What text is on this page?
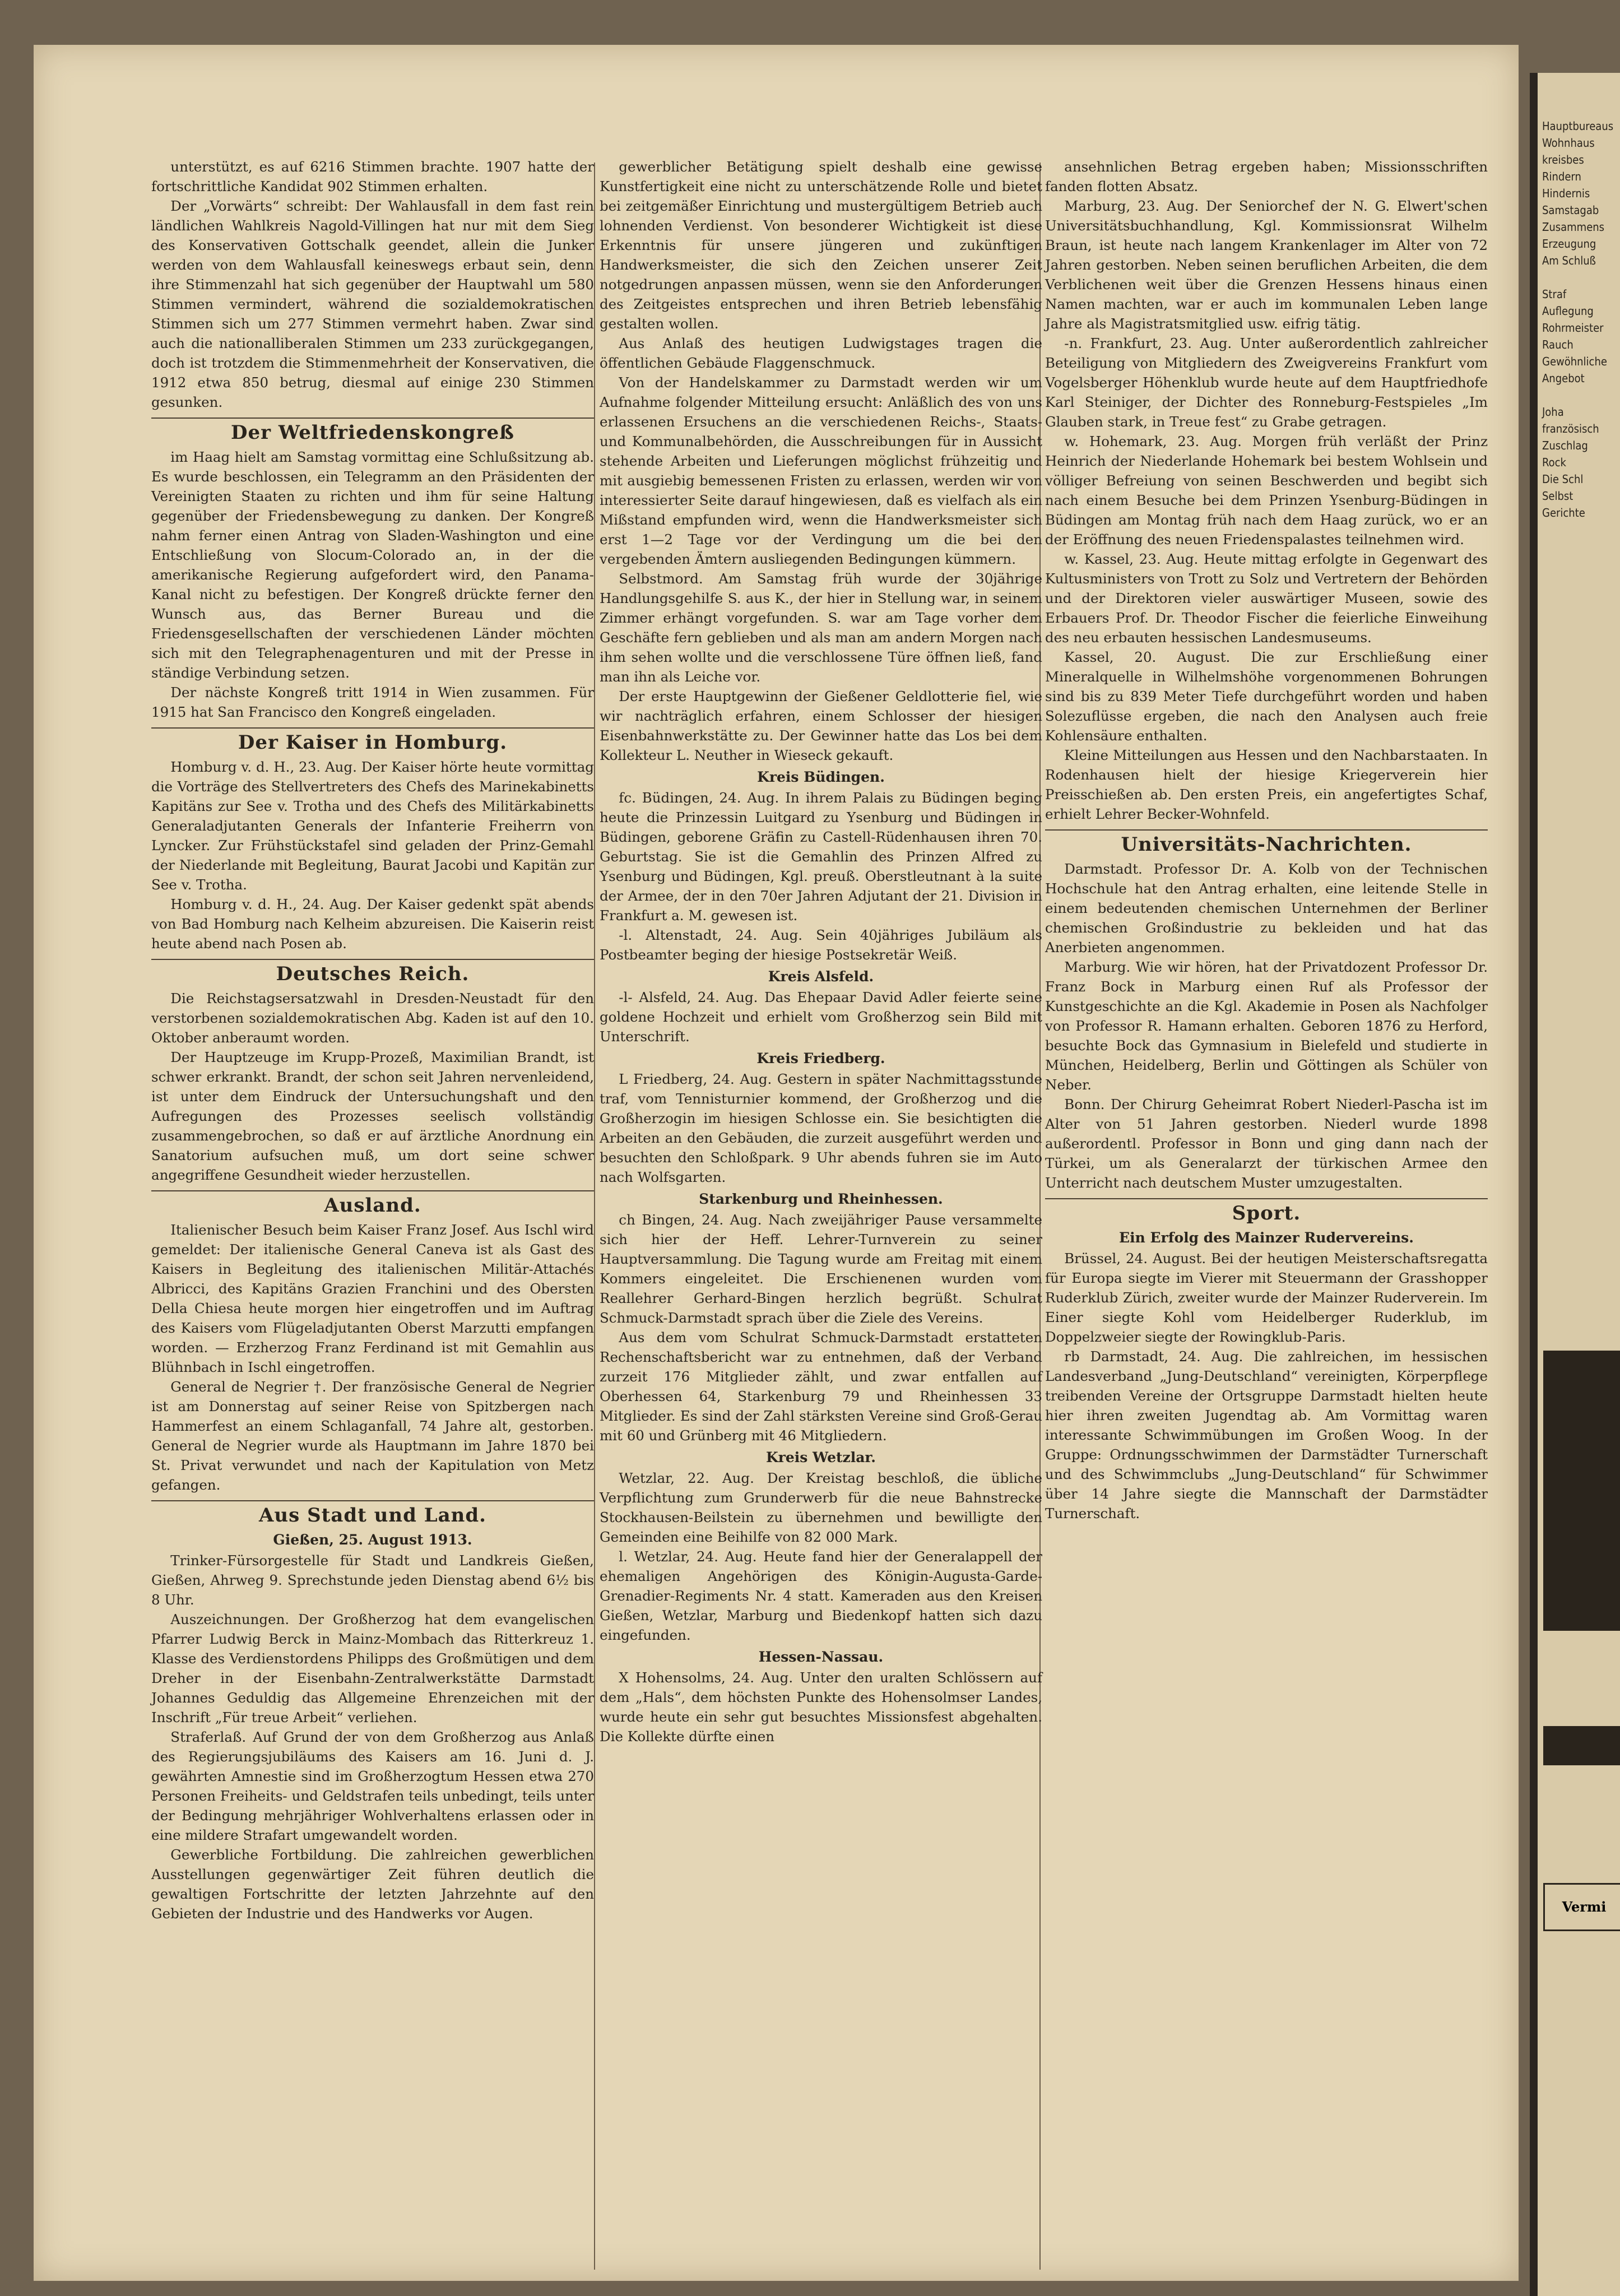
unterstützt, es auf 6216 Stimmen brachte. 1907 hatte der fortschrittliche Kandidat 902 Stimmen erhalten.

Der „Vorwärts“ schreibt: Der Wahlausfall in dem fast rein ländlichen Wahlkreis Nagold-Villingen hat nur mit dem Sieg des Konservativen Gottschalk geendet, allein die Junker werden von dem Wahlausfall keineswegs erbaut sein, denn ihre Stimmenzahl hat sich gegenüber der Hauptwahl um 580 Stimmen vermindert, während die sozialdemokratischen Stimmen sich um 277 Stimmen vermehrt haben. Zwar sind auch die nationalliberalen Stimmen um 233 zurückgegangen, doch ist trotzdem die Stimmenmehrheit der Konservativen, die 1912 etwa 850 betrug, diesmal auf einige 230 Stimmen gesunken.

Der Weltfriedenskongreß

im Haag hielt am Samstag vormittag eine Schlußsitzung ab. Es wurde beschlossen, ein Telegramm an den Präsidenten der Vereinigten Staaten zu richten und ihm für seine Haltung gegenüber der Friedensbewegung zu danken. Der Kongreß nahm ferner einen Antrag von Sladen-Washington und eine Entschließung von Slocum-Colorado an, in der die amerikanische Regierung aufgefordert wird, den Panama-Kanal nicht zu befestigen. Der Kongreß drückte ferner den Wunsch aus, das Berner Bureau und die Friedensgesellschaften der verschiedenen Länder möchten sich mit den Telegraphenagenturen und mit der Presse in ständige Verbindung setzen.

Der nächste Kongreß tritt 1914 in Wien zusammen. Für 1915 hat San Francisco den Kongreß eingeladen.

Der Kaiser in Homburg.

Homburg v. d. H., 23. Aug. Der Kaiser hörte heute vormittag die Vorträge des Stellvertreters des Chefs des Marinekabinetts Kapitäns zur See v. Trotha und des Chefs des Militärkabinetts Generaladjutanten Generals der Infanterie Freiherrn von Lyncker. Zur Frühstückstafel sind geladen der Prinz-Gemahl der Niederlande mit Begleitung, Baurat Jacobi und Kapitän zur See v. Trotha.

Homburg v. d. H., 24. Aug. Der Kaiser gedenkt spät abends von Bad Homburg nach Kelheim abzureisen. Die Kaiserin reist heute abend nach Posen ab.

Deutsches Reich.

Die Reichstagsersatzwahl in Dresden-Neustadt für den verstorbenen sozialdemokratischen Abg. Kaden ist auf den 10. Oktober anberaumt worden.

Der Hauptzeuge im Krupp-Prozeß, Maximilian Brandt, ist schwer erkrankt. Brandt, der schon seit Jahren nervenleidend, ist unter dem Eindruck der Untersuchungshaft und den Aufregungen des Prozesses seelisch vollständig zusammengebrochen, so daß er auf ärztliche Anordnung ein Sanatorium aufsuchen muß, um dort seine schwer angegriffene Gesundheit wieder herzustellen.

Ausland.

Italienischer Besuch beim Kaiser Franz Josef. Aus Ischl wird gemeldet: Der italienische General Caneva ist als Gast des Kaisers in Begleitung des italienischen Militär-Attachés Albricci, des Kapitäns Grazien Franchini und des Obersten Della Chiesa heute morgen hier eingetroffen und im Auftrag des Kaisers vom Flügeladjutanten Oberst Marzutti empfangen worden. — Erzherzog Franz Ferdinand ist mit Gemahlin aus Blühnbach in Ischl eingetroffen.

General de Negrier †. Der französische General de Negrier ist am Donnerstag auf seiner Reise von Spitzbergen nach Hammerfest an einem Schlaganfall, 74 Jahre alt, gestorben. General de Negrier wurde als Hauptmann im Jahre 1870 bei St. Privat verwundet und nach der Kapitulation von Metz gefangen.

Aus Stadt und Land.
Gießen, 25. August 1913.

Trinker-Fürsorgestelle für Stadt und Landkreis Gießen, Gießen, Ahrweg 9. Sprechstunde jeden Dienstag abend 6½ bis 8 Uhr.

Auszeichnungen. Der Großherzog hat dem evangelischen Pfarrer Ludwig Berck in Mainz-Mombach das Ritterkreuz 1. Klasse des Verdienstordens Philipps des Großmütigen und dem Dreher in der Eisenbahn-Zentralwerkstätte Darmstadt Johannes Geduldig das Allgemeine Ehrenzeichen mit der Inschrift „Für treue Arbeit“ verliehen.

Straferlaß. Auf Grund der von dem Großherzog aus Anlaß des Regierungsjubiläums des Kaisers am 16. Juni d. J. gewährten Amnestie sind im Großherzogtum Hessen etwa 270 Personen Freiheits- und Geldstrafen teils unbedingt, teils unter der Bedingung mehrjähriger Wohlverhaltens erlassen oder in eine mildere Strafart umgewandelt worden.

Gewerbliche Fortbildung. Die zahlreichen gewerblichen Ausstellungen gegenwärtiger Zeit führen deutlich die gewaltigen Fortschritte der letzten Jahrzehnte auf den Gebieten der Industrie und des Handwerks vor Augen.

gewerblicher Betätigung spielt deshalb eine gewisse Kunstfertigkeit eine nicht zu unterschätzende Rolle und bietet bei zeitgemäßer Einrichtung und mustergültigem Betrieb auch lohnenden Verdienst. Von besonderer Wichtigkeit ist diese Erkenntnis für unsere jüngeren und zukünftigen Handwerksmeister, die sich den Zeichen unserer Zeit notgedrungen anpassen müssen, wenn sie den Anforderungen des Zeitgeistes entsprechen und ihren Betrieb lebensfähig gestalten wollen.

Aus Anlaß des heutigen Ludwigstages tragen die öffentlichen Gebäude Flaggenschmuck.

Von der Handelskammer zu Darmstadt werden wir um Aufnahme folgender Mitteilung ersucht: Anläßlich des von uns erlassenen Ersuchens an die verschiedenen Reichs-, Staats- und Kommunalbehörden, die Ausschreibungen für in Aussicht stehende Arbeiten und Lieferungen möglichst frühzeitig und mit ausgiebig bemessenen Fristen zu erlassen, werden wir von interessierter Seite darauf hingewiesen, daß es vielfach als ein Mißstand empfunden wird, wenn die Handwerksmeister sich erst 1—2 Tage vor der Verdingung um die bei den vergebenden Ämtern ausliegenden Bedingungen kümmern.

Selbstmord. Am Samstag früh wurde der 30jährige Handlungsgehilfe S. aus K., der hier in Stellung war, in seinem Zimmer erhängt vorgefunden. S. war am Tage vorher dem Geschäfte fern geblieben und als man am andern Morgen nach ihm sehen wollte und die verschlossene Türe öffnen ließ, fand man ihn als Leiche vor.

Der erste Hauptgewinn der Gießener Geldlotterie fiel, wie wir nachträglich erfahren, einem Schlosser der hiesigen Eisenbahnwerkstätte zu. Der Gewinner hatte das Los bei dem Kollekteur L. Neuther in Wieseck gekauft.

Kreis Büdingen.

fc. Büdingen, 24. Aug. In ihrem Palais zu Büdingen beging heute die Prinzessin Luitgard zu Ysenburg und Büdingen in Büdingen, geborene Gräfin zu Castell-Rüdenhausen ihren 70. Geburtstag. Sie ist die Gemahlin des Prinzen Alfred zu Ysenburg und Büdingen, Kgl. preuß. Oberstleutnant à la suite der Armee, der in den 70er Jahren Adjutant der 21. Division in Frankfurt a. M. gewesen ist.

-l. Altenstadt, 24. Aug. Sein 40jähriges Jubiläum als Postbeamter beging der hiesige Postsekretär Weiß.

Kreis Alsfeld.

-l- Alsfeld, 24. Aug. Das Ehepaar David Adler feierte seine goldene Hochzeit und erhielt vom Großherzog sein Bild mit Unterschrift.

Kreis Friedberg.

L Friedberg, 24. Aug. Gestern in später Nachmittagsstunde traf, vom Tennisturnier kommend, der Großherzog und die Großherzogin im hiesigen Schlosse ein. Sie besichtigten die Arbeiten an den Gebäuden, die zurzeit ausgeführt werden und besuchten den Schloßpark. 9 Uhr abends fuhren sie im Auto nach Wolfsgarten.

Starkenburg und Rheinhessen.

ch Bingen, 24. Aug. Nach zweijähriger Pause versammelte sich hier der Heff. Lehrer-Turnverein zu seiner Hauptversammlung. Die Tagung wurde am Freitag mit einem Kommers eingeleitet. Die Erschienenen wurden vom Reallehrer Gerhard-Bingen herzlich begrüßt. Schulrat Schmuck-Darmstadt sprach über die Ziele des Vereins.

Aus dem vom Schulrat Schmuck-Darmstadt erstatteten Rechenschaftsbericht war zu entnehmen, daß der Verband zurzeit 176 Mitglieder zählt, und zwar entfallen auf Oberhessen 64, Starkenburg 79 und Rheinhessen 33 Mitglieder. Es sind der Zahl stärksten Vereine sind Groß-Gerau mit 60 und Grünberg mit 46 Mitgliedern.

Kreis Wetzlar.

Wetzlar, 22. Aug. Der Kreistag beschloß, die übliche Verpflichtung zum Grunderwerb für die neue Bahnstrecke Stockhausen-Beilstein zu übernehmen und bewilligte den Gemeinden eine Beihilfe von 82 000 Mark.

l. Wetzlar, 24. Aug. Heute fand hier der Generalappell der ehemaligen Angehörigen des Königin-Augusta-Garde-Grenadier-Regiments Nr. 4 statt. Kameraden aus den Kreisen Gießen, Wetzlar, Marburg und Biedenkopf hatten sich dazu eingefunden.

Hessen-Nassau.

X Hohensolms, 24. Aug. Unter den uralten Schlössern auf dem „Hals“, dem höchsten Punkte des Hohensolmser Landes, wurde heute ein sehr gut besuchtes Missionsfest abgehalten. Die Kollekte dürfte einen

ansehnlichen Betrag ergeben haben; Missionsschriften fanden flotten Absatz.

Marburg, 23. Aug. Der Seniorchef der N. G. Elwert'schen Universitätsbuchhandlung, Kgl. Kommissionsrat Wilhelm Braun, ist heute nach langem Krankenlager im Alter von 72 Jahren gestorben. Neben seinen beruflichen Arbeiten, die dem Verblichenen weit über die Grenzen Hessens hinaus einen Namen machten, war er auch im kommunalen Leben lange Jahre als Magistratsmitglied usw. eifrig tätig.

-n. Frankfurt, 23. Aug. Unter außerordentlich zahlreicher Beteiligung von Mitgliedern des Zweigvereins Frankfurt vom Vogelsberger Höhenklub wurde heute auf dem Hauptfriedhofe Karl Steiniger, der Dichter des Ronneburg-Festspieles „Im Glauben stark, in Treue fest“ zu Grabe getragen.

w. Hohemark, 23. Aug. Morgen früh verläßt der Prinz Heinrich der Niederlande Hohemark bei bestem Wohlsein und völliger Befreiung von seinen Beschwerden und begibt sich nach einem Besuche bei dem Prinzen Ysenburg-Büdingen in Büdingen am Montag früh nach dem Haag zurück, wo er an der Eröffnung des neuen Friedenspalastes teilnehmen wird.

w. Kassel, 23. Aug. Heute mittag erfolgte in Gegenwart des Kultusministers von Trott zu Solz und Vertretern der Behörden und der Direktoren vieler auswärtiger Museen, sowie des Erbauers Prof. Dr. Theodor Fischer die feierliche Einweihung des neu erbauten hessischen Landesmuseums.

Kassel, 20. August. Die zur Erschließung einer Mineralquelle in Wilhelmshöhe vorgenommenen Bohrungen sind bis zu 839 Meter Tiefe durchgeführt worden und haben Solezuflüsse ergeben, die nach den Analysen auch freie Kohlensäure enthalten.

Kleine Mitteilungen aus Hessen und den Nachbarstaaten. In Rodenhausen hielt der hiesige Kriegerverein hier Preisschießen ab. Den ersten Preis, ein angefertigtes Schaf, erhielt Lehrer Becker-Wohnfeld.

Universitäts-Nachrichten.

Darmstadt. Professor Dr. A. Kolb von der Technischen Hochschule hat den Antrag erhalten, eine leitende Stelle in einem bedeutenden chemischen Unternehmen der Berliner chemischen Großindustrie zu bekleiden und hat das Anerbieten angenommen.

Marburg. Wie wir hören, hat der Privatdozent Professor Dr. Franz Bock in Marburg einen Ruf als Professor der Kunstgeschichte an die Kgl. Akademie in Posen als Nachfolger von Professor R. Hamann erhalten. Geboren 1876 zu Herford, besuchte Bock das Gymnasium in Bielefeld und studierte in München, Heidelberg, Berlin und Göttingen als Schüler von Neber.

Bonn. Der Chirurg Geheimrat Robert Niederl-Pascha ist im Alter von 51 Jahren gestorben. Niederl wurde 1898 außerordentl. Professor in Bonn und ging dann nach der Türkei, um als Generalarzt der türkischen Armee den Unterricht nach deutschem Muster umzugestalten.

Sport.
Ein Erfolg des Mainzer Rudervereins.

Brüssel, 24. August. Bei der heutigen Meisterschaftsregatta für Europa siegte im Vierer mit Steuermann der Grasshopper Ruderklub Zürich, zweiter wurde der Mainzer Ruderverein. Im Einer siegte Kohl vom Heidelberger Ruderklub, im Doppelzweier siegte der Rowingklub-Paris.

rb Darmstadt, 24. Aug. Die zahlreichen, im hessischen Landesverband „Jung-Deutschland“ vereinigten, Körperpflege treibenden Vereine der Ortsgruppe Darmstadt hielten heute hier ihren zweiten Jugendtag ab. Am Vormittag waren interessante Schwimmübungen im Großen Woog. In der Gruppe: Ordnungsschwimmen der Darmstädter Turnerschaft und des Schwimmclubs „Jung-Deutschland“ für Schwimmer über 14 Jahre siegte die Mannschaft der Darmstädter Turnerschaft.

Hauptbureaus
Wohnhaus
kreisbes
Rindern
Hindernis
Samstagab
Zusammens
Erzeugung
Am Schluß

Straf
Auflegung
Rohrmeister
Rauch
Gewöhnliche
Angebot

Joha
französisch
Zuschlag
Rock
Die Schl
Selbst
Gerichte
Vermi
